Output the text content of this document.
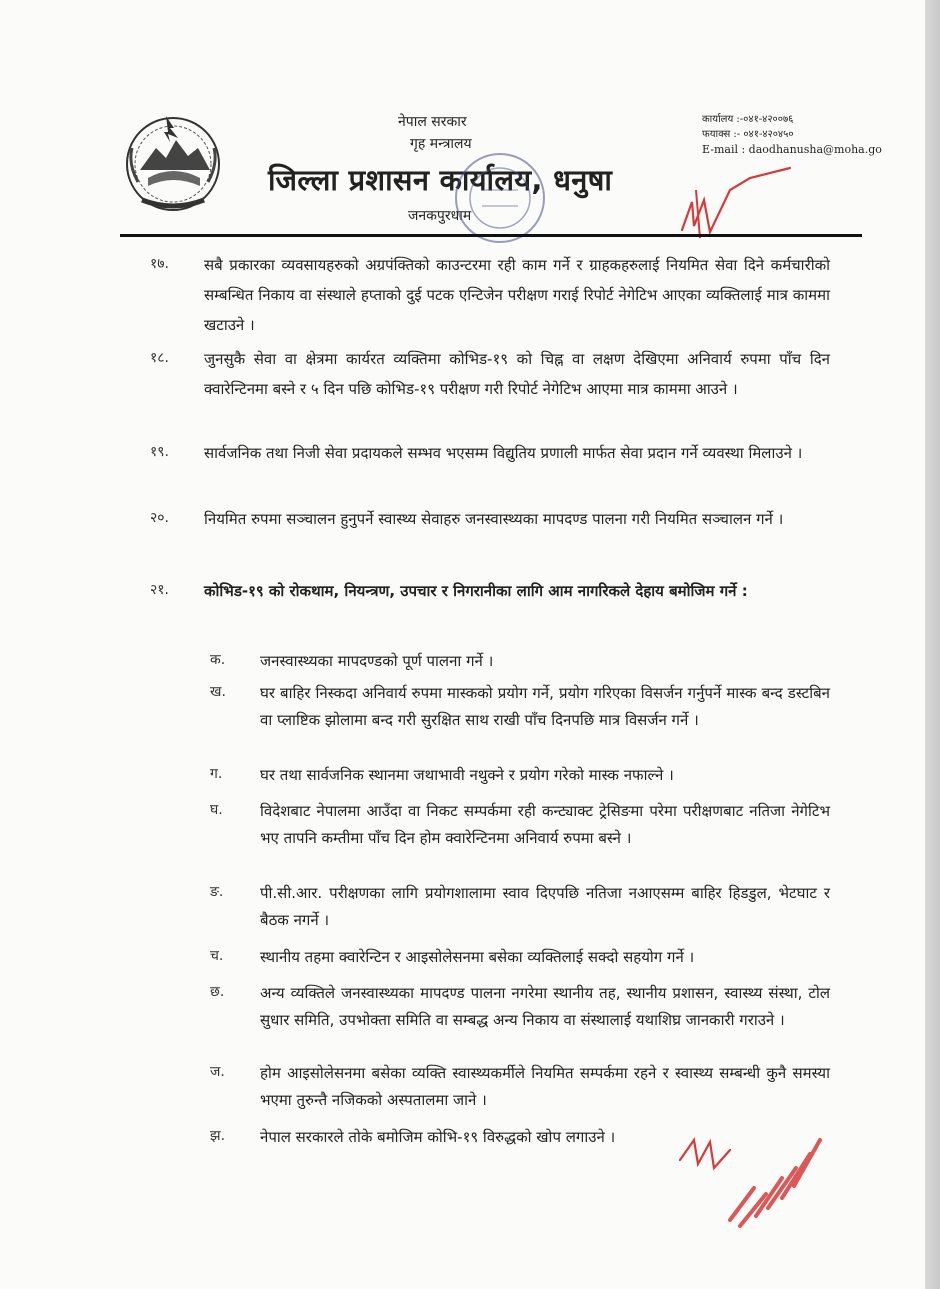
नेपाल सरकार
गृह मन्त्रालय
जिल्ला प्रशासन कार्यालय, धनुषा
जनकपुरधाम
कार्यालय :-०४१-४२००७६
फयाक्स :- ०४१-४२०४५०
E-mail : daodhanusha@moha.go
१७.	सबै प्रकारका व्यवसायहरुको अग्रपंक्तिको काउन्टरमा रही काम गर्ने र ग्राहकहरुलाई नियमित सेवा दिने कर्मचारीको सम्बन्धित निकाय वा संस्थाले हप्ताको दुई पटक एन्टिजेन परीक्षण गराई रिपोर्ट नेगेटिभ आएका व्यक्तिलाई मात्र काममा खटाउने ।
१८.	जुनसुकै सेवा वा क्षेत्रमा कार्यरत व्यक्तिमा कोभिड-१९ को चिह्न वा लक्षण देखिएमा अनिवार्य रुपमा पाँच दिन क्वारेन्टिनमा बस्ने र ५ दिन पछि कोभिड-१९ परीक्षण गरी रिपोर्ट नेगेटिभ आएमा मात्र काममा आउने ।
१९.	सार्वजनिक तथा निजी सेवा प्रदायकले सम्भव भएसम्म विद्युतिय प्रणाली मार्फत सेवा प्रदान गर्ने व्यवस्था मिलाउने ।
२०.	नियमित रुपमा सञ्चालन हुनुपर्ने स्वास्थ्य सेवाहरु जनस्वास्थ्यका मापदण्ड पालना गरी नियमित सञ्चालन गर्ने ।
२१.	कोभिड-१९ को रोकथाम, नियन्त्रण, उपचार र निगरानीका लागि आम नागरिकले देहाय बमोजिम गर्ने :
क.	जनस्वास्थ्यका मापदण्डको पूर्ण पालना गर्ने ।
ख.	घर बाहिर निस्कदा अनिवार्य रुपमा मास्कको प्रयोग गर्ने, प्रयोग गरिएका विसर्जन गर्नुपर्ने मास्क बन्द डस्टबिन वा प्लाष्टिक झोलामा बन्द गरी सुरक्षित साथ राखी पाँच दिनपछि मात्र विसर्जन गर्ने ।
ग.	घर तथा सार्वजनिक स्थानमा जथाभावी नथुक्ने र प्रयोग गरेको मास्क नफाल्ने ।
घ.	विदेशबाट नेपालमा आउँदा वा निकट सम्पर्कमा रही कन्ट्याक्ट ट्रेसिङमा परेमा परीक्षणबाट नतिजा नेगेटिभ भए तापनि कम्तीमा पाँच दिन होम क्वारेन्टिनमा अनिवार्य रुपमा बस्ने ।
ङ.	पी.सी.आर. परीक्षणका लागि प्रयोगशालामा स्वाव दिएपछि नतिजा नआएसम्म बाहिर हिडडुल, भेटघाट र बैठक नगर्ने ।
च.	स्थानीय तहमा क्वारेन्टिन र आइसोलेसनमा बसेका व्यक्तिलाई सक्दो सहयोग गर्ने ।
छ.	अन्य व्यक्तिले जनस्वास्थ्यका मापदण्ड पालना नगरेमा स्थानीय तह, स्थानीय प्रशासन, स्वास्थ्य संस्था, टोल सुधार समिति, उपभोक्ता समिति वा सम्बद्ध अन्य निकाय वा संस्थालाई यथाशिघ्र जानकारी गराउने ।
ज.	होम आइसोलेसनमा बसेका व्यक्ति स्वास्थ्यकर्मीले नियमित सम्पर्कमा रहने र स्वास्थ्य सम्बन्धी कुनै समस्या भएमा तुरुन्तै नजिकको अस्पतालमा जाने ।
झ.	नेपाल सरकारले तोके बमोजिम कोभि-१९ विरुद्धको खोप लगाउने ।
